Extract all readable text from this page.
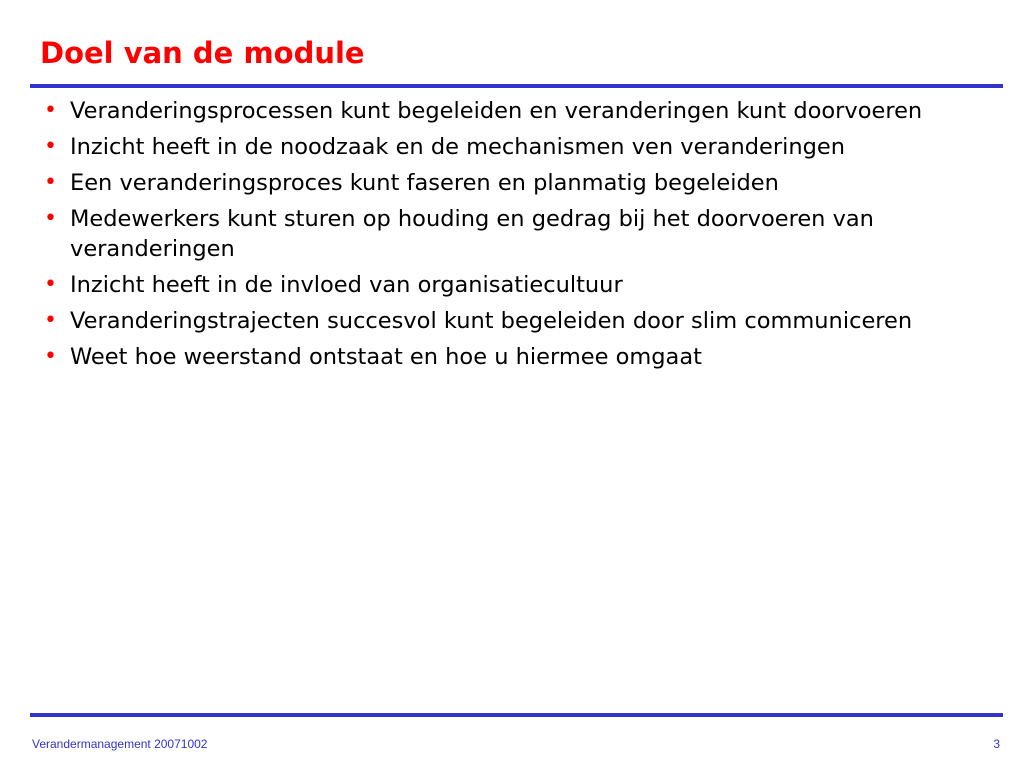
Doel van de module
• Veranderingsprocessen kunt begeleiden en veranderingen kunt doorvoeren
• Inzicht heeft in de noodzaak en de mechanismen ven veranderingen
• Een veranderingsproces kunt faseren en planmatig begeleiden
• Medewerkers kunt sturen op houding en gedrag bij het doorvoeren van veranderingen
• Inzicht heeft in de invloed van organisatiecultuur
• Veranderingstrajecten succesvol kunt begeleiden door slim communiceren
• Weet hoe weerstand ontstaat en hoe u hiermee omgaat
Verandermanagement 20071002	3
